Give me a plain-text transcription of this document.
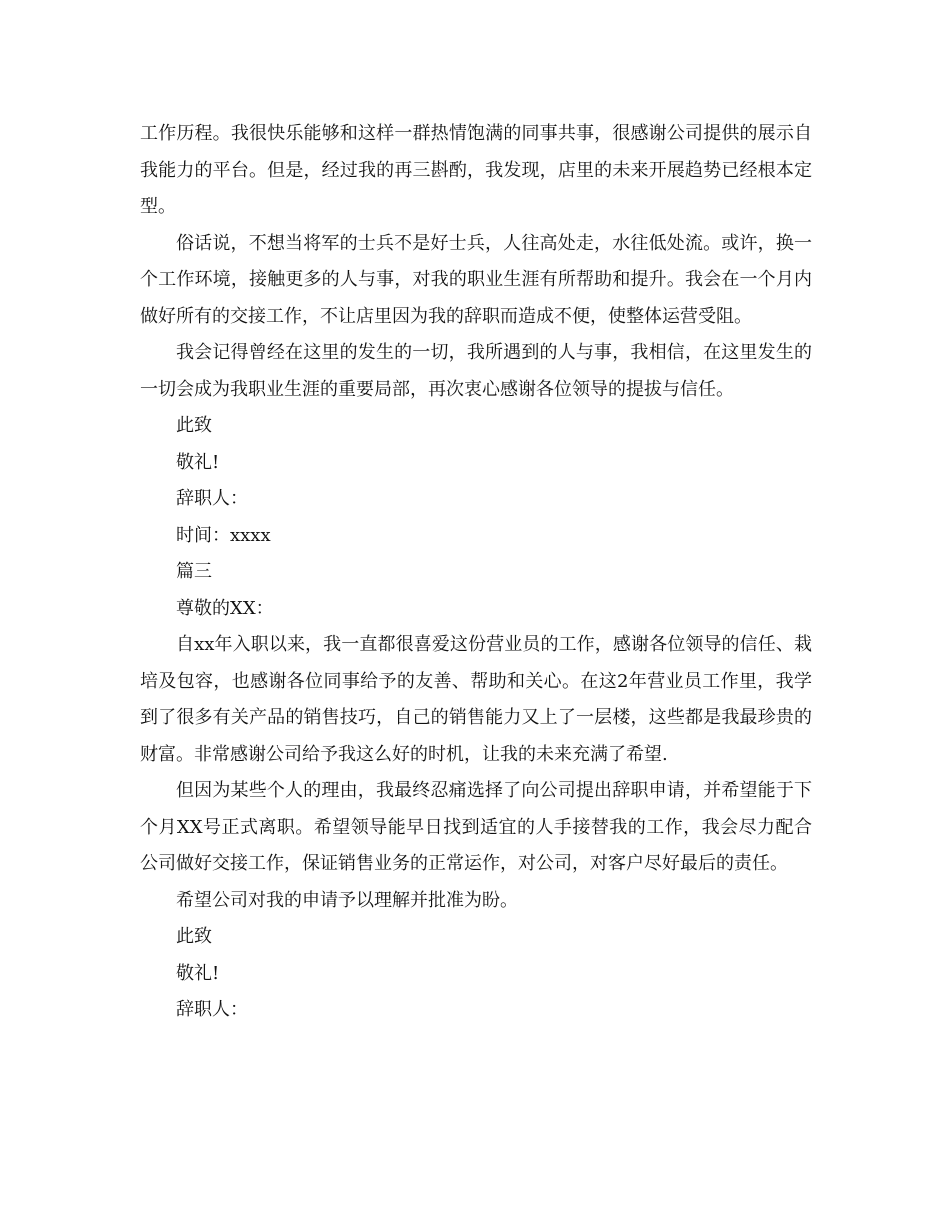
工作历程。我很快乐能够和这样一群热情饱满的同事共事，很感谢公司提供的展示自我能力的平台。但是，经过我的再三斟酌，我发现，店里的未来开展趋势已经根本定型。

俗话说，不想当将军的士兵不是好士兵，人往高处走，水往低处流。或许，换一个工作环境，接触更多的人与事，对我的职业生涯有所帮助和提升。我会在一个月内做好所有的交接工作，不让店里因为我的辞职而造成不便，使整体运营受阻。

我会记得曾经在这里的发生的一切，我所遇到的人与事，我相信，在这里发生的一切会成为我职业生涯的重要局部，再次衷心感谢各位领导的提拔与信任。

此致

敬礼!

辞职人：

时间：xxxx

篇三

尊敬的XX：

自xx年入职以来，我一直都很喜爱这份营业员的工作，感谢各位领导的信任、栽培及包容，也感谢各位同事给予的友善、帮助和关心。在这2年营业员工作里，我学到了很多有关产品的销售技巧，自己的销售能力又上了一层楼，这些都是我最珍贵的财富。非常感谢公司给予我这么好的时机，让我的未来充满了希望.

但因为某些个人的理由，我最终忍痛选择了向公司提出辞职申请，并希望能于下个月XX号正式离职。希望领导能早日找到适宜的人手接替我的工作，我会尽力配合公司做好交接工作，保证销售业务的正常运作，对公司，对客户尽好最后的责任。

希望公司对我的申请予以理解并批准为盼。

此致

敬礼!

辞职人：
